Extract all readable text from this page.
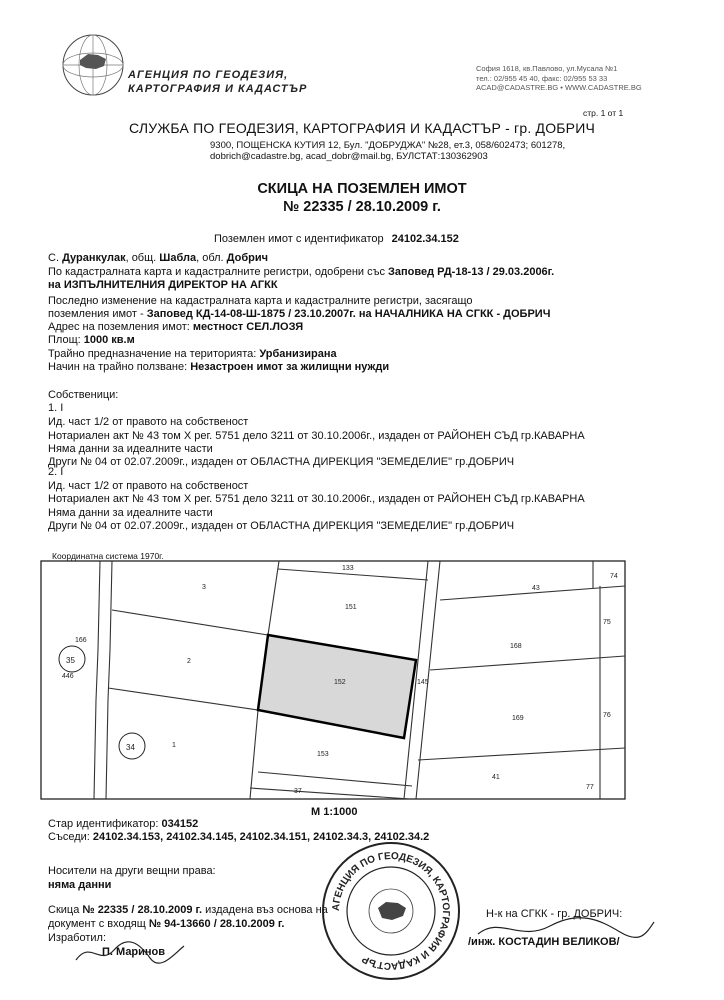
АГЕНЦИЯ ПО ГЕОДЕЗИЯ,
КАРТОГРАФИЯ И КАДАСТЪР
София 1618, кв.Павлово, ул.Мусала №1
тел.: 02/955 45 40, факс: 02/955 53 33
ACAD@CADASTRE.BG • WWW.CADASTRE.BG
стр. 1 от 1
СЛУЖБА ПО ГЕОДЕЗИЯ, КАРТОГРАФИЯ И КАДАСТЪР - гр. ДОБРИЧ
9300, ПОЩЕНСКА КУТИЯ 12, Бул. "ДОБРУДЖА" №28, ет.3, 058/602473; 601278,
dobrich@cadastre.bg, acad_dobr@mail.bg, БУЛСТАТ:130362903
СКИЦА НА ПОЗЕМЛЕН ИМОТ
№ 22335 / 28.10.2009 г.
Поземлен имот с идентификатор 24102.34.152
С. Дуранкулак, общ. Шабла, обл. Добрич
По кадастралната карта и кадастралните регистри, одобрени със Заповед РД-18-13 / 29.03.2006г.
на ИЗПЪЛНИТЕЛНИЯ ДИРЕКТОР НА АГКК
Последно изменение на кадастралната карта и кадастралните регистри, засягащо
поземления имот - Заповед КД-14-08-Ш-1875 / 23.10.2007г. на НАЧАЛНИКА НА СГКК - ДОБРИЧ
Адрес на поземления имот: местност СЕЛ.ЛОЗЯ
Площ: 1000 кв.м
Трайно предназначение на територията: Урбанизирана
Начин на трайно ползване: Незастроен имот за жилищни нужди
Собственици:
1. I
Ид. част 1/2 от правото на собственост
Нотариален акт № 43 том X рег. 5751 дело 3211 от 30.10.2006г., издаден от РАЙОНЕН СЪД гр.КАВАРНА
Няма данни за идеалните части
Други № 04 от 02.07.2009г., издаден от ОБЛАСТНА ДИРЕКЦИЯ "ЗЕМЕДЕЛИЕ" гр.ДОБРИЧ
2. I
Ид. част 1/2 от правото на собственост
Нотариален акт № 43 том X рег. 5751 дело 3211 от 30.10.2006г., издаден от РАЙОНЕН СЪД гр.КАВАРНА
Няма данни за идеалните части
Други № 04 от 02.07.2009г., издаден от ОБЛАСТНА ДИРЕКЦИЯ "ЗЕМЕДЕЛИЕ" гр.ДОБРИЧ
Координатна система 1970г.
3
151
133
43
74
75
166
35	2
152
168
446
145
169	76
34	1
153
41
37
77
М 1:1000
Стар идентификатор: 034152
Съседи: 24102.34.153, 24102.34.145, 24102.34.151, 24102.34.3, 24102.34.2
Носители на други вещни права:
няма данни
Скица № 22335 / 28.10.2009 г. издадена въз основа на
документ с входящ № 94-13660 / 28.10.2009 г.
Изработил:
П. Маринов
Н-к на СГКК - гр. ДОБРИЧ:
/инж. КОСТАДИН ВЕЛИКОВ/
АГЕНЦИЯ ПО ГЕОДЕЗИЯ, КАРТОГРАФИЯ И КАДАСТЪР
